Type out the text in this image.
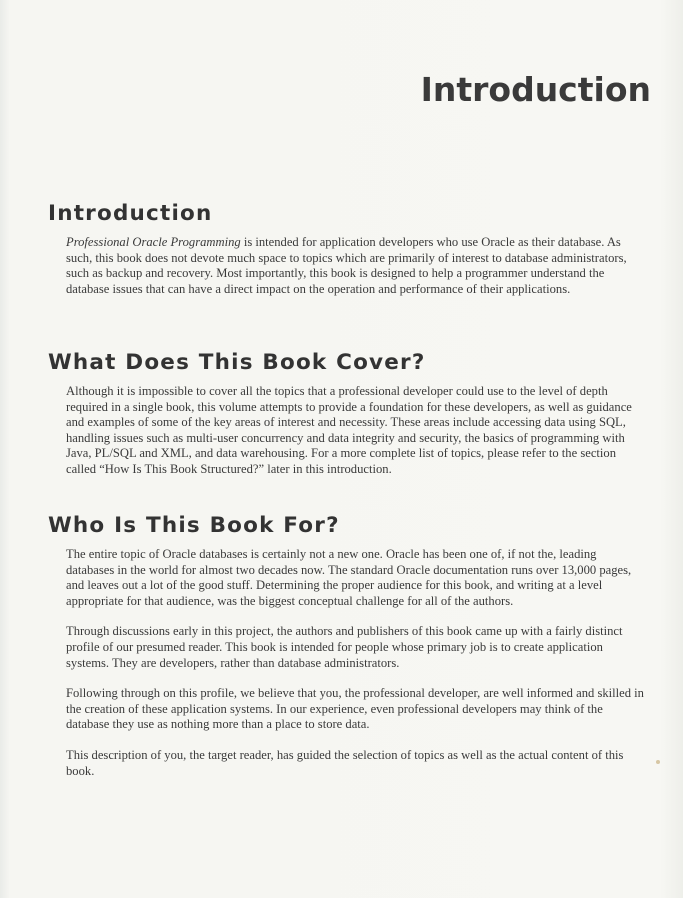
Introduction
Introduction

Professional Oracle Programming is intended for application developers who use Oracle as their database. As such, this book does not devote much space to topics which are primarily of interest to database administrators, such as backup and recovery. Most importantly, this book is designed to help a programmer understand the database issues that can have a direct impact on the operation and performance of their applications.

What Does This Book Cover?

Although it is impossible to cover all the topics that a professional developer could use to the level of depth required in a single book, this volume attempts to provide a foundation for these developers, as well as guidance and examples of some of the key areas of interest and necessity. These areas include accessing data using SQL, handling issues such as multi-user concurrency and data integrity and security, the basics of programming with Java, PL/SQL and XML, and data warehousing. For a more complete list of topics, please refer to the section called “How Is This Book Structured?” later in this introduction.

Who Is This Book For?

The entire topic of Oracle databases is certainly not a new one. Oracle has been one of, if not the, leading databases in the world for almost two decades now. The standard Oracle documentation runs over 13,000 pages, and leaves out a lot of the good stuff. Determining the proper audience for this book, and writing at a level appropriate for that audience, was the biggest conceptual challenge for all of the authors.

Through discussions early in this project, the authors and publishers of this book came up with a fairly distinct profile of our presumed reader. This book is intended for people whose primary job is to create application systems. They are developers, rather than database administrators.

Following through on this profile, we believe that you, the professional developer, are well informed and skilled in the creation of these application systems. In our experience, even professional developers may think of the database they use as nothing more than a place to store data.

This description of you, the target reader, has guided the selection of topics as well as the actual content of this book.
